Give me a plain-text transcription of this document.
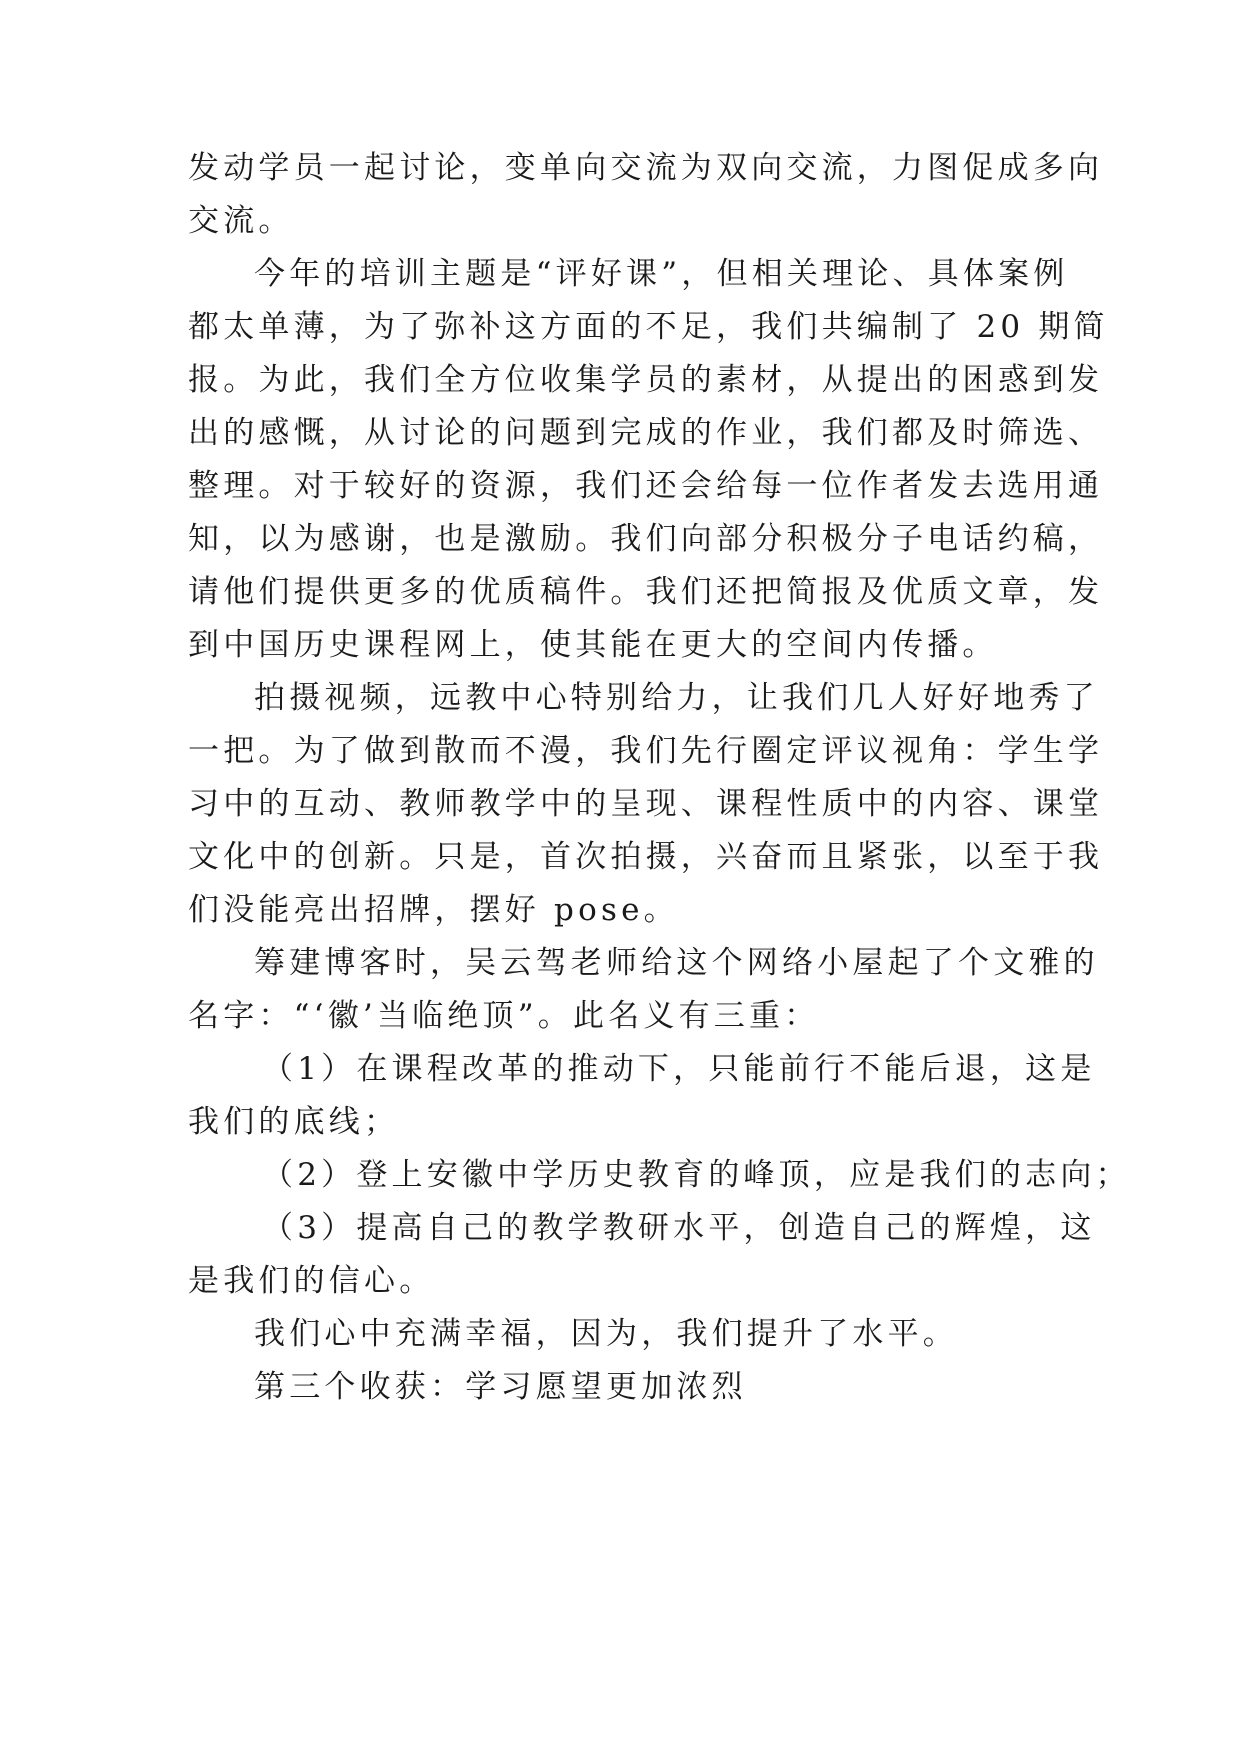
发动学员一起讨论，变单向交流为双向交流，力图促成多向
交流。
今年的培训主题是“评好课”，但相关理论、具体案例
都太单薄，为了弥补这方面的不足，我们共编制了 20 期简
报。为此，我们全方位收集学员的素材，从提出的困惑到发
出的感慨，从讨论的问题到完成的作业，我们都及时筛选、
整理。对于较好的资源，我们还会给每一位作者发去选用通
知，以为感谢，也是激励。我们向部分积极分子电话约稿，
请他们提供更多的优质稿件。我们还把简报及优质文章，发
到中国历史课程网上，使其能在更大的空间内传播。
拍摄视频，远教中心特别给力，让我们几人好好地秀了
一把。为了做到散而不漫，我们先行圈定评议视角：学生学
习中的互动、教师教学中的呈现、课程性质中的内容、课堂
文化中的创新。只是，首次拍摄，兴奋而且紧张，以至于我
们没能亮出招牌，摆好 pose。
筹建博客时，吴云驾老师给这个网络小屋起了个文雅的
名字：“‘徽’当临绝顶”。此名义有三重：
（1）在课程改革的推动下，只能前行不能后退，这是
我们的底线；
（2）登上安徽中学历史教育的峰顶，应是我们的志向；
（3）提高自己的教学教研水平，创造自己的辉煌，这
是我们的信心。
我们心中充满幸福，因为，我们提升了水平。
第三个收获：学习愿望更加浓烈
